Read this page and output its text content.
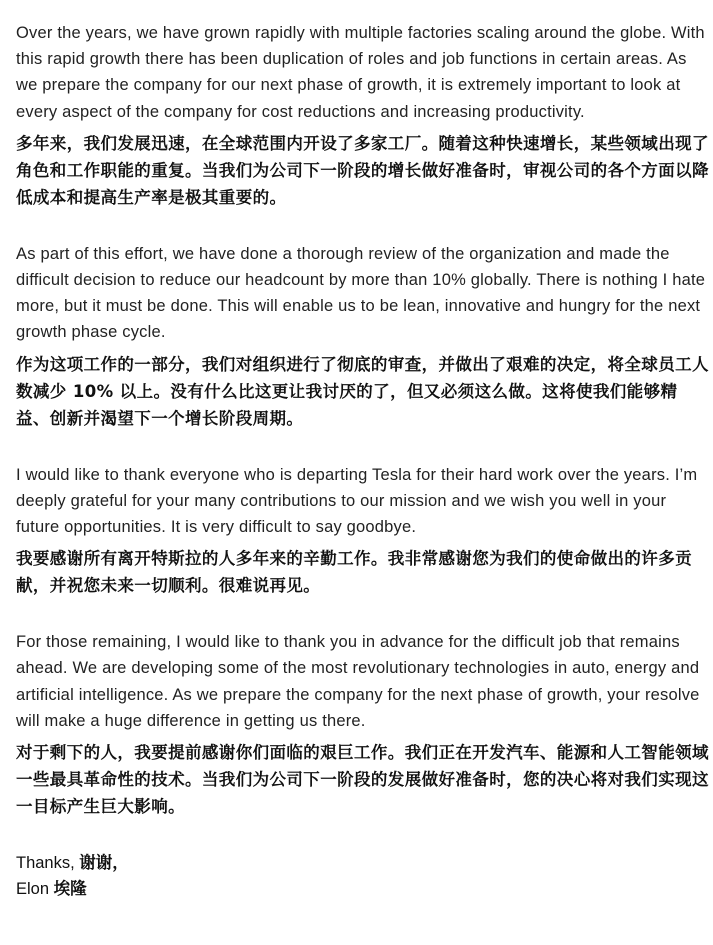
Over the years, we have grown rapidly with multiple factories scaling around the globe. With this rapid growth there has been duplication of roles and job functions in certain areas. As we prepare the company for our next phase of growth, it is extremely important to look at every aspect of the company for cost reductions and increasing productivity.

多年来，我们发展迅速，在全球范围内开设了多家工厂。随着这种快速增长，某些领域出现了角色和工作职能的重复。当我们为公司下一阶段的增长做好准备时，审视公司的各个方面以降低成本和提高生产率是极其重要的。

As part of this effort, we have done a thorough review of the organization and made the difficult decision to reduce our headcount by more than 10% globally. There is nothing I hate more, but it must be done. This will enable us to be lean, innovative and hungry for the next growth phase cycle.

作为这项工作的一部分，我们对组织进行了彻底的审查，并做出了艰难的决定，将全球员工人数减少 10% 以上。没有什么比这更让我讨厌的了，但又必须这么做。这将使我们能够精益、创新并渴望下一个增长阶段周期。

I would like to thank everyone who is departing Tesla for their hard work over the years. I’m deeply grateful for your many contributions to our mission and we wish you well in your future opportunities. It is very difficult to say goodbye.

我要感谢所有离开特斯拉的人多年来的辛勤工作。我非常感谢您为我们的使命做出的许多贡献，并祝您未来一切顺利。很难说再见。

For those remaining, I would like to thank you in advance for the difficult job that remains ahead. We are developing some of the most revolutionary technologies in auto, energy and artificial intelligence. As we prepare the company for the next phase of growth, your resolve will make a huge difference in getting us there.

对于剩下的人，我要提前感谢你们面临的艰巨工作。我们正在开发汽车、能源和人工智能领域一些最具革命性的技术。当我们为公司下一阶段的发展做好准备时，您的决心将对我们实现这一目标产生巨大影响。

Thanks, 谢谢，
Elon 埃隆
